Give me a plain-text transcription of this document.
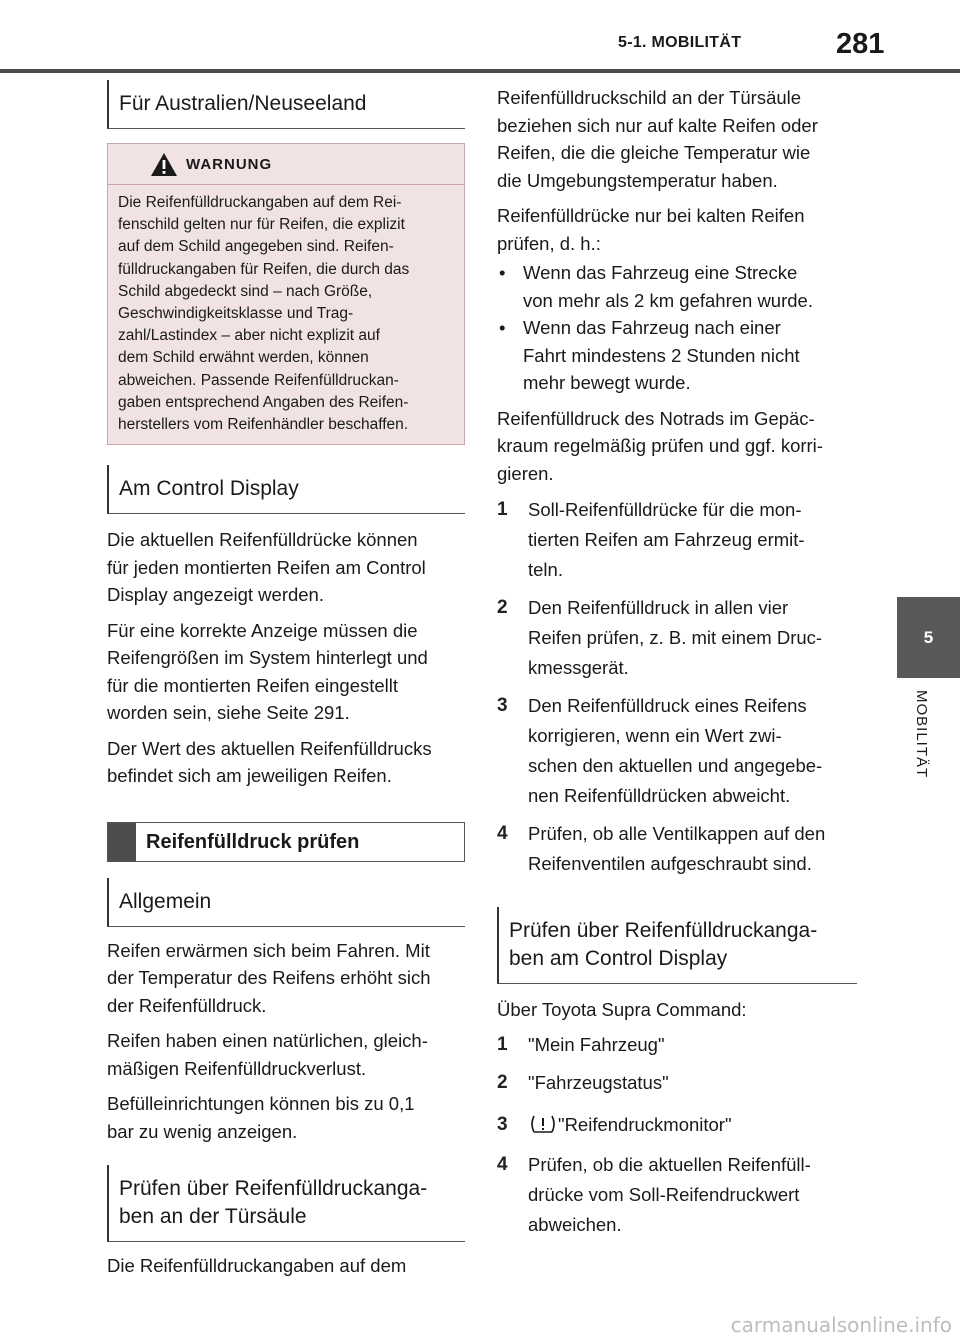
5-1. MOBILITÄT	281
5
MOBILITÄT
Für Australien/Neuseeland
WARNUNG
Die Reifenfülldruckangaben auf dem Rei-
fenschild gelten nur für Reifen, die explizit
auf dem Schild angegeben sind. Reifen-
fülldruckangaben für Reifen, die durch das
Schild abgedeckt sind – nach Größe,
Geschwindigkeitsklasse und Trag-
zahl/Lastindex – aber nicht explizit auf
dem Schild erwähnt werden, können
abweichen. Passende Reifenfülldruckan-
gaben entsprechend Angaben des Reifen-
herstellers vom Reifenhändler beschaffen.
Am Control Display

Die aktuellen Reifenfülldrücke können
für jeden montierten Reifen am Control
Display angezeigt werden.

Für eine korrekte Anzeige müssen die
Reifengrößen im System hinterlegt und
für die montierten Reifen eingestellt
worden sein, siehe Seite 291.

Der Wert des aktuellen Reifenfülldrucks
befindet sich am jeweiligen Reifen.

Reifenfülldruck prüfen
Allgemein

Reifen erwärmen sich beim Fahren. Mit
der Temperatur des Reifens erhöht sich
der Reifenfülldruck.

Reifen haben einen natürlichen, gleich-
mäßigen Reifenfülldruckverlust.

Befülleinrichtungen können bis zu 0,1
bar zu wenig anzeigen.

Prüfen über Reifenfülldruckanga-
ben an der Türsäule

Die Reifenfülldruckangaben auf dem

Reifenfülldruckschild an der Türsäule
beziehen sich nur auf kalte Reifen oder
Reifen, die die gleiche Temperatur wie
die Umgebungstemperatur haben.

Reifenfülldrücke nur bei kalten Reifen
prüfen, d. h.:

• Wenn das Fahrzeug eine Strecke
von mehr als 2 km gefahren wurde.
• Wenn das Fahrzeug nach einer
Fahrt mindestens 2 Stunden nicht
mehr bewegt wurde.

Reifenfülldruck des Notrads im Gepäc-
kraum regelmäßig prüfen und ggf. korri-
gieren.

1	Soll-Reifenfülldrücke für die mon-
tierten Reifen am Fahrzeug ermit-
teln.
2	Den Reifenfülldruck in allen vier
Reifen prüfen, z. B. mit einem Druc-
kmessgerät.
3	Den Reifenfülldruck eines Reifens
korrigieren, wenn ein Wert zwi-
schen den aktuellen und angegebe-
nen Reifenfülldrücken abweicht.
4	Prüfen, ob alle Ventilkappen auf den
Reifenventilen aufgeschraubt sind.
Prüfen über Reifenfülldruckanga-
ben am Control Display

Über Toyota Supra Command:

1	"Mein Fahrzeug"
2	"Fahrzeugstatus"
3	"Reifendruckmonitor"
4	Prüfen, ob die aktuellen Reifenfüll-
drücke vom Soll-Reifendruckwert
abweichen.
carmanualsonline.info
